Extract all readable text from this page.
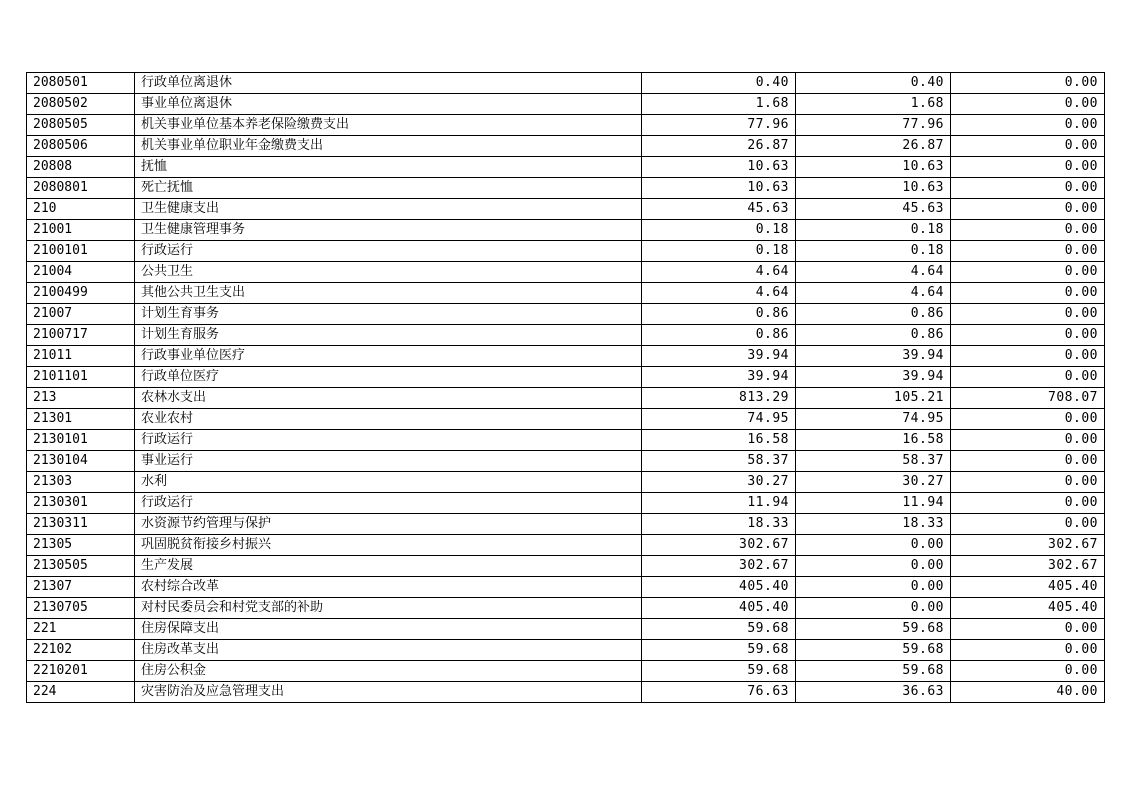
2080501	行政单位离退休	0.40	0.40	0.00
2080502	事业单位离退休	1.68	1.68	0.00
2080505	机关事业单位基本养老保险缴费支出	77.96	77.96	0.00
2080506	机关事业单位职业年金缴费支出	26.87	26.87	0.00
20808	抚恤	10.63	10.63	0.00
2080801	死亡抚恤	10.63	10.63	0.00
210	卫生健康支出	45.63	45.63	0.00
21001	卫生健康管理事务	0.18	0.18	0.00
2100101	行政运行	0.18	0.18	0.00
21004	公共卫生	4.64	4.64	0.00
2100499	其他公共卫生支出	4.64	4.64	0.00
21007	计划生育事务	0.86	0.86	0.00
2100717	计划生育服务	0.86	0.86	0.00
21011	行政事业单位医疗	39.94	39.94	0.00
2101101	行政单位医疗	39.94	39.94	0.00
213	农林水支出	813.29	105.21	708.07
21301	农业农村	74.95	74.95	0.00
2130101	行政运行	16.58	16.58	0.00
2130104	事业运行	58.37	58.37	0.00
21303	水利	30.27	30.27	0.00
2130301	行政运行	11.94	11.94	0.00
2130311	水资源节约管理与保护	18.33	18.33	0.00
21305	巩固脱贫衔接乡村振兴	302.67	0.00	302.67
2130505	生产发展	302.67	0.00	302.67
21307	农村综合改革	405.40	0.00	405.40
2130705	对村民委员会和村党支部的补助	405.40	0.00	405.40
221	住房保障支出	59.68	59.68	0.00
22102	住房改革支出	59.68	59.68	0.00
2210201	住房公积金	59.68	59.68	0.00
224	灾害防治及应急管理支出	76.63	36.63	40.00
